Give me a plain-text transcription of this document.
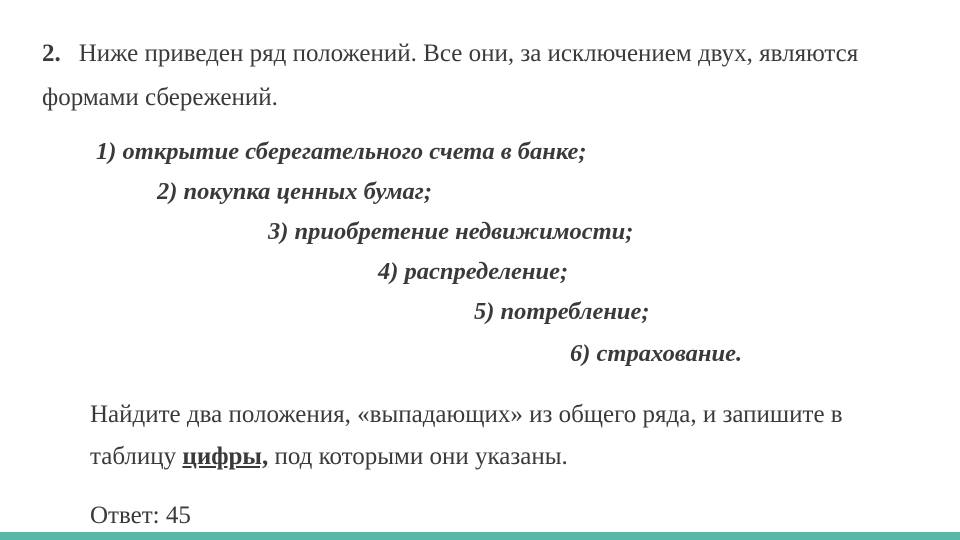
2. Ниже приведен ряд положений. Все они, за исключением двух, являются формами сбережений.
1) открытие сберегательного счета в банке;
2) покупка ценных бумаг;
3) приобретение недвижимости;
4) распределение;
5) потребление;
6) страхование.
Найдите два положения, «выпадающих» из общего ряда, и запишите в таблицу цифры, под которыми они указаны.
Ответ: 45
